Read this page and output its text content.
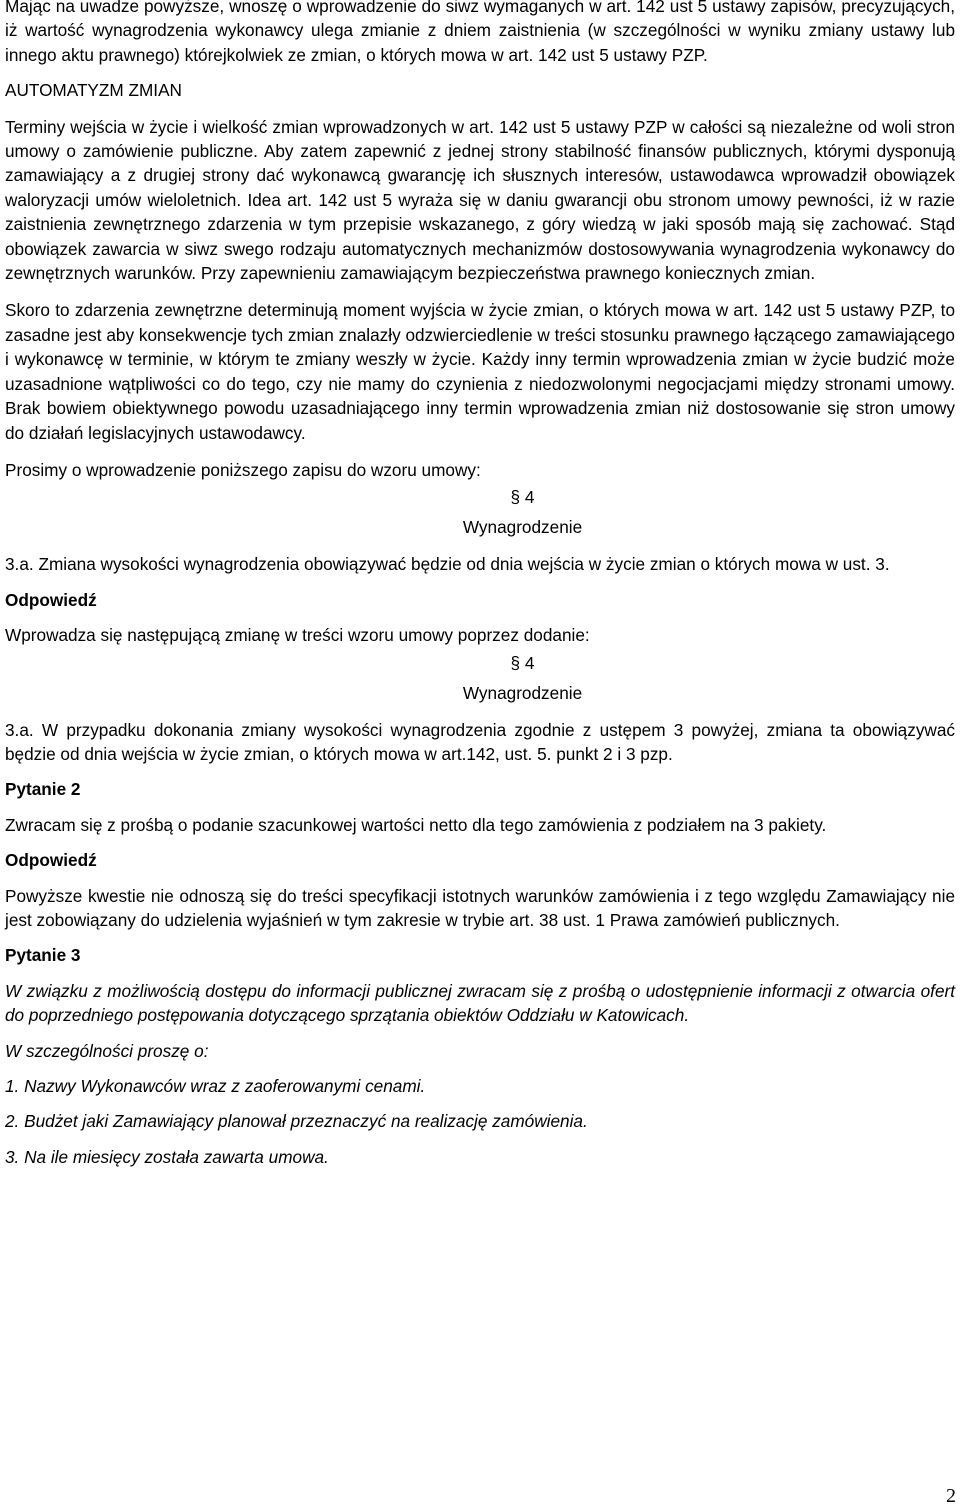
Mając na uwadze powyższe, wnoszę o wprowadzenie do siwz wymaganych w art. 142 ust 5 ustawy zapisów, precyzujących, iż wartość wynagrodzenia wykonawcy ulega zmianie z dniem zaistnienia (w szczególności w wyniku zmiany ustawy lub innego aktu prawnego) którejkolwiek ze zmian, o których mowa w art. 142 ust 5 ustawy PZP.

AUTOMATYZM ZMIAN

Terminy wejścia w życie i wielkość zmian wprowadzonych w art. 142 ust 5 ustawy PZP w całości są niezależne od woli stron umowy o zamówienie publiczne. Aby zatem zapewnić z jednej strony stabilność finansów publicznych, którymi dysponują zamawiający a z drugiej strony dać wykonawcą gwarancję ich słusznych interesów, ustawodawca wprowadził obowiązek waloryzacji umów wieloletnich. Idea art. 142 ust 5 wyraża się w daniu gwarancji obu stronom umowy pewności, iż w razie zaistnienia zewnętrznego zdarzenia w tym przepisie wskazanego, z góry wiedzą w jaki sposób mają się zachować. Stąd obowiązek zawarcia w siwz swego rodzaju automatycznych mechanizmów dostosowywania wynagrodzenia wykonawcy do zewnętrznych warunków. Przy zapewnieniu zamawiającym bezpieczeństwa prawnego koniecznych zmian.

Skoro to zdarzenia zewnętrzne determinują moment wyjścia w życie zmian, o których mowa w art. 142 ust 5 ustawy PZP, to zasadne jest aby konsekwencje tych zmian znalazły odzwierciedlenie w treści stosunku prawnego łączącego zamawiającego i wykonawcę w terminie, w którym te zmiany weszły w życie. Każdy inny termin wprowadzenia zmian w życie budzić może uzasadnione wątpliwości co do tego, czy nie mamy do czynienia z niedozwolonymi negocjacjami między stronami umowy. Brak bowiem obiektywnego powodu uzasadniającego inny termin wprowadzenia zmian niż dostosowanie się stron umowy do działań legislacyjnych ustawodawcy.

Prosimy o wprowadzenie poniższego zapisu do wzoru umowy:

§ 4
Wynagrodzenie

3.a. Zmiana wysokości wynagrodzenia obowiązywać będzie od dnia wejścia w życie zmian o których mowa w ust. 3.

Odpowiedź

Wprowadza się następującą zmianę w treści wzoru umowy poprzez dodanie:

§ 4
Wynagrodzenie

3.a. W przypadku dokonania zmiany wysokości wynagrodzenia zgodnie z ustępem 3 powyżej, zmiana ta obowiązywać będzie od dnia wejścia w życie zmian, o których mowa w art.142, ust. 5. punkt 2 i 3 pzp.

Pytanie 2

Zwracam się z prośbą o podanie szacunkowej wartości netto dla tego zamówienia z podziałem na 3 pakiety.

Odpowiedź

Powyższe kwestie nie odnoszą się do treści specyfikacji istotnych warunków zamówienia i z tego względu Zamawiający nie jest zobowiązany do udzielenia wyjaśnień w tym zakresie w trybie art. 38 ust. 1 Prawa zamówień publicznych.

Pytanie 3

W związku z możliwością dostępu do informacji publicznej zwracam się z prośbą o udostępnienie informacji z otwarcia ofert do poprzedniego postępowania dotyczącego sprzątania obiektów Oddziału w Katowicach.

W szczególności proszę o:

1. Nazwy Wykonawców wraz z zaoferowanymi cenami.

2. Budżet jaki Zamawiający planował przeznaczyć na realizację zamówienia.

3. Na ile miesięcy została zawarta umowa.

2
